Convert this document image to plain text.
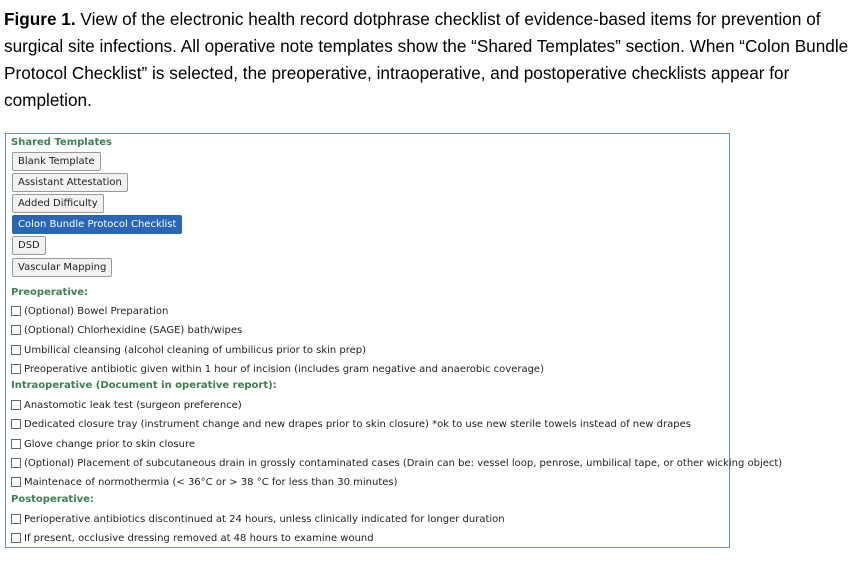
Figure 1. View of the electronic health record dotphrase checklist of evidence-based items for prevention of surgical site infections. All operative note templates show the “Shared Templates” section. When “Colon Bundle Protocol Checklist” is selected, the preoperative, intraoperative, and postoperative checklists appear for completion.
Shared Templates
Blank Template
Assistant Attestation
Added Difficulty
Colon Bundle Protocol Checklist
DSD
Vascular Mapping
Preoperative:
(Optional) Bowel Preparation
(Optional) Chlorhexidine (SAGE) bath/wipes
Umbilical cleansing (alcohol cleaning of umbilicus prior to skin prep)
Preoperative antibiotic given within 1 hour of incision (includes gram negative and anaerobic coverage)
Intraoperative (Document in operative report):
Anastomotic leak test (surgeon preference)
Dedicated closure tray (instrument change and new drapes prior to skin closure) *ok to use new sterile towels instead of new drapes
Glove change prior to skin closure
(Optional) Placement of subcutaneous drain in grossly contaminated cases (Drain can be: vessel loop, penrose, umbilical tape, or other wicking object)
Maintenace of normothermia (< 36°C or > 38 °C for less than 30 minutes)
Postoperative:
Perioperative antibiotics discontinued at 24 hours, unless clinically indicated for longer duration
If present, occlusive dressing removed at 48 hours to examine wound
